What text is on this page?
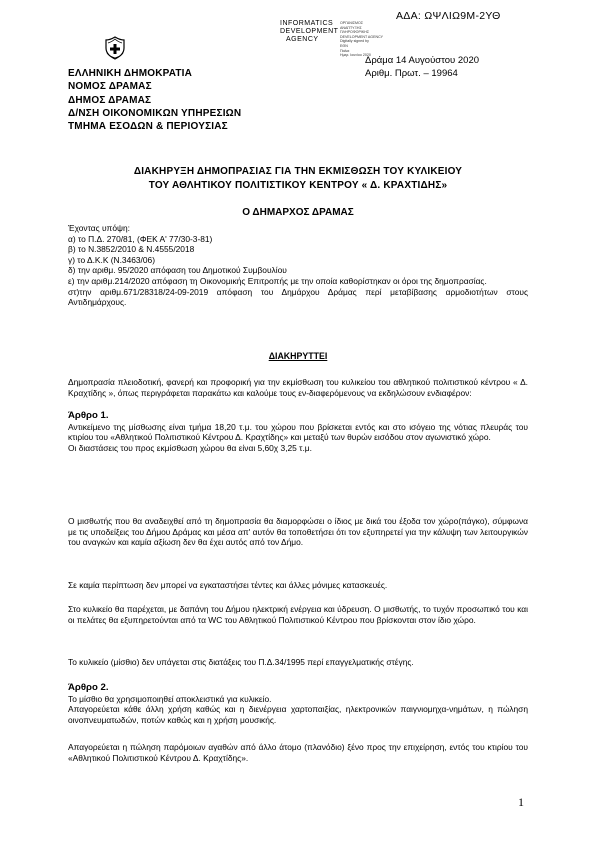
ΑΔΑ: ΩΨΛΙΩ9Μ-2ΥΘ
INFORMATICS
DEVELOPMENT
AGENCY
ΟΡΓΑΝΙΣΜΟΣ
ΑΝΑΠΤΥΞΗΣ
ΠΛΗΡΟΦΟΡΙΚΗΣ
DEVELOPMENT AGENCY
Digitally signed by
ΕΘΝ
Παλαι
Ημερ. Ιουνίου 2020
Δράμα 14 Αυγούστου 2020
Αριθμ. Πρωτ. – 19964
ΕΛΛΗΝΙΚΗ ΔΗΜΟΚΡΑΤΙΑ
ΝΟΜΟΣ ΔΡΑΜΑΣ
ΔΗΜΟΣ ΔΡΑΜΑΣ
Δ/ΝΣΗ ΟΙΚΟΝΟΜΙΚΩΝ ΥΠΗΡΕΣΙΩΝ
ΤΜΗΜΑ ΕΣΟΔΩΝ & ΠΕΡΙΟΥΣΙΑΣ
ΔΙΑΚΗΡΥΞΗ ΔΗΜΟΠΡΑΣΙΑΣ ΓΙΑ ΤΗΝ ΕΚΜΙΣΘΩΣΗ ΤΟΥ ΚΥΛΙΚΕΙΟΥ
ΤΟΥ ΑΘΛΗΤΙΚΟΥ ΠΟΛΙΤΙΣΤΙΚΟΥ ΚΕΝΤΡΟΥ « Δ. ΚΡΑΧΤΙΔΗΣ»
Ο ΔΗΜΑΡΧΟΣ ΔΡΑΜΑΣ
Έχοντας υπόψη:
α) το Π.Δ. 270/81, (ΦΕΚ Α' 77/30-3-81)
β) το Ν.3852/2010 & Ν.4555/2018
γ) το Δ.Κ.Κ (Ν.3463/06)
δ) την αριθμ. 95/2020 απόφαση του Δημοτικού Συμβουλίου
ε) την αριθμ.214/2020 απόφαση τη Οικονομικής Επιτροπής με την οποία καθορίστηκαν οι όροι της δημοπρασίας.
στ)την αριθμ.671/28318/24-09-2019 απόφαση του Δημάρχου Δράμας περί μεταβίβασης αρμοδιοτήτων στους Αντιδημάρχους.
ΔΙΑΚΗΡΥΤΤΕΙ
Δημοπρασία πλειοδοτική, φανερή και προφορική για την εκμίσθωση του κυλικείου του αθλητικού πολιτιστικού κέντρου « Δ. Κραχτίδης », όπως περιγράφεται παρακάτω και καλούμε τους εν-διαφερόμενους να εκδηλώσουν ενδιαφέρον:
Άρθρο 1.
Αντικείμενο της μίσθωσης είναι τμήμα 18,20 τ.μ. του χώρου που βρίσκεται εντός και στο ισόγειο της νότιας πλευράς του κτιρίου του «Αθλητικού Πολιτιστικού Κέντρου Δ. Κραχτίδης» και μεταξύ των θυρών εισόδου στον αγωνιστικό χώρο.
Οι διαστάσεις του προς εκμίσθωση χώρου θα είναι 5,60χ 3,25 τ.μ.
Ο μισθωτής που θα αναδειχθεί από τη δημοπρασία θα διαμορφώσει ο ίδιος με δικά του έξοδα τον χώρο(πάγκο), σύμφωνα με τις υποδείξεις του Δήμου Δράμας και μέσα απ' αυτόν θα τοποθετήσει ότι τον εξυπηρετεί για την κάλυψη των λειτουργικών του αναγκών και καμία αξίωση δεν θα έχει αυτός από τον Δήμο.
Σε καμία περίπτωση δεν μπορεί να εγκαταστήσει τέντες και άλλες μόνιμες κατασκευές.
Στο κυλικείο θα παρέχεται, με δαπάνη του Δήμου ηλεκτρική ενέργεια και ύδρευση. Ο μισθωτής, το τυχόν προσωπικό του και οι πελάτες θα εξυπηρετούνται από τα WC του Αθλητικού Πολιτιστικού Κέντρου που βρίσκονται στον ίδιο χώρο.
Το κυλικείο (μίσθιο) δεν υπάγεται στις διατάξεις του Π.Δ.34/1995 περί επαγγελματικής στέγης.
Άρθρο 2.
Το μίσθιο θα χρησιμοποιηθεί αποκλειστικά για κυλικείο.
Απαγορεύεται κάθε άλλη χρήση καθώς και η διενέργεια χαρτοπαιξίας, ηλεκτρονικών παιγνιομηχα-νημάτων, η πώληση οινοπνευματωδών, ποτών καθώς και η χρήση μουσικής.
Απαγορεύεται η πώληση παρόμοιων αγαθών από άλλο άτομο (πλανόδιο) ξένο προς την επιχείρηση, εντός του κτιρίου του «Αθλητικού Πολιτιστικού Κέντρου Δ. Κραχτίδης».
1
